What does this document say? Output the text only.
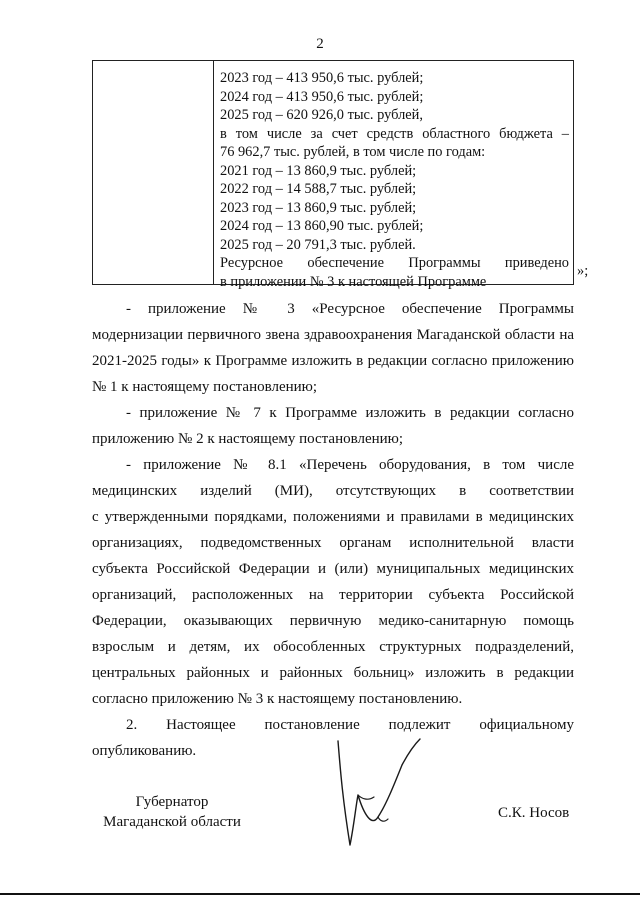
2
2023 год – 413 950,6 тыс. рублей;
2024 год – 413 950,6 тыс. рублей;
2025 год – 620 926,0 тыс. рублей,
в том числе за счет средств областного бюджета –
76 962,7 тыс. рублей, в том числе по годам:
2021 год – 13 860,9 тыс. рублей;
2022 год – 14 588,7 тыс. рублей;
2023 год – 13 860,9 тыс. рублей;
2024 год – 13 860,90 тыс. рублей;
2025 год – 20 791,3 тыс. рублей.
Ресурсное обеспечение Программы приведено
в приложении № 3 к настоящей Программе
»;
- приложение № 3 «Ресурсное обеспечение Программы
модернизации первичного звена здравоохранения Магаданской области на
2021-2025 годы» к Программе изложить в редакции согласно приложению
№ 1 к настоящему постановлению;
- приложение № 7 к Программе изложить в редакции согласно
приложению № 2 к настоящему постановлению;
- приложение № 8.1 «Перечень оборудования, в том числе
медицинских изделий (МИ), отсутствующих в соответствии
с утвержденными порядками, положениями и правилами в медицинских
организациях, подведомственных органам исполнительной власти
субъекта Российской Федерации и (или) муниципальных медицинских
организаций, расположенных на территории субъекта Российской
Федерации, оказывающих первичную медико-санитарную помощь
взрослым и детям, их обособленных структурных подразделений,
центральных районных и районных больниц» изложить в редакции
согласно приложению № 3 к настоящему постановлению.
2. Настоящее постановление подлежит официальному
опубликованию.
Губернатор
Магаданской области
С.К. Носов
